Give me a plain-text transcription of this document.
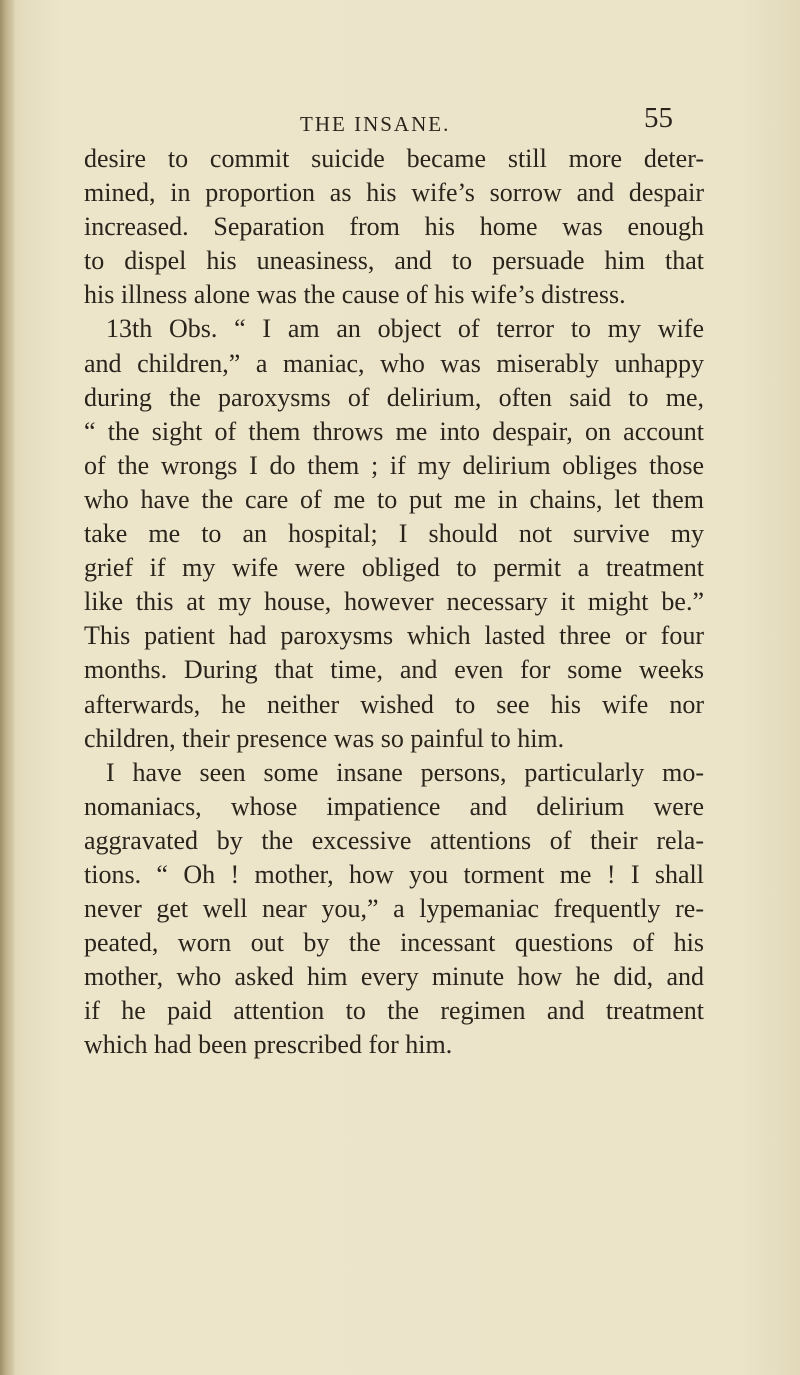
THE INSANE.	55
desire to commit suicide became still more deter-
mined, in proportion as his wife’s sorrow and despair
increased. Separation from his home was enough
to dispel his uneasiness, and to persuade him that
his illness alone was the cause of his wife’s distress.
13th Obs. “ I am an object of terror to my wife
and children,” a maniac, who was miserably unhappy
during the paroxysms of delirium, often said to me,
“ the sight of them throws me into despair, on account
of the wrongs I do them ; if my delirium obliges those
who have the care of me to put me in chains, let them
take me to an hospital; I should not survive my
grief if my wife were obliged to permit a treatment
like this at my house, however necessary it might be.”
This patient had paroxysms which lasted three or four
months. During that time, and even for some weeks
afterwards, he neither wished to see his wife nor
children, their presence was so painful to him.
I have seen some insane persons, particularly mo-
nomaniacs, whose impatience and delirium were
aggravated by the excessive attentions of their rela-
tions. “ Oh ! mother, how you torment me ! I shall
never get well near you,” a lypemaniac frequently re-
peated, worn out by the incessant questions of his
mother, who asked him every minute how he did, and
if he paid attention to the regimen and treatment
which had been prescribed for him.
